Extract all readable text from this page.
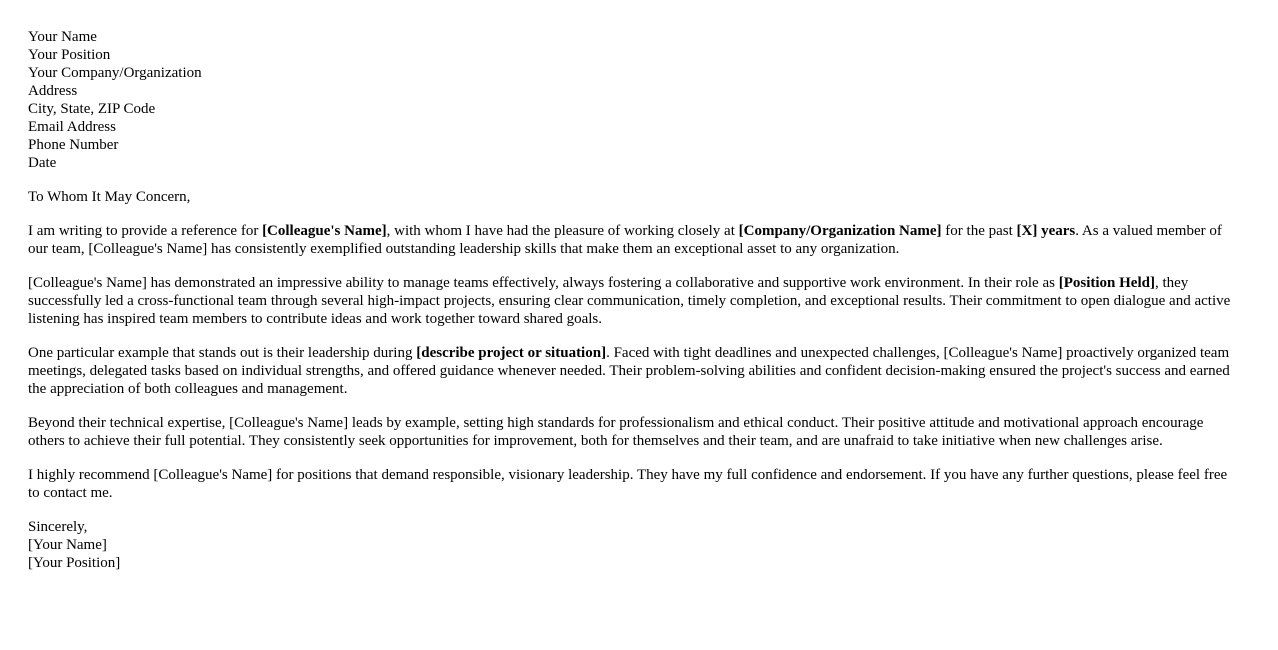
Your Name
Your Position
Your Company/Organization
Address
City, State, ZIP Code
Email Address
Phone Number
Date

To Whom It May Concern,

I am writing to provide a reference for [Colleague's Name], with whom I have had the pleasure of working closely at [Company/Organization Name] for the past [X] years. As a valued member of our team, [Colleague's Name] has consistently exemplified outstanding leadership skills that make them an exceptional asset to any organization.

[Colleague's Name] has demonstrated an impressive ability to manage teams effectively, always fostering a collaborative and supportive work environment. In their role as [Position Held], they successfully led a cross-functional team through several high-impact projects, ensuring clear communication, timely completion, and exceptional results. Their commitment to open dialogue and active listening has inspired team members to contribute ideas and work together toward shared goals.

One particular example that stands out is their leadership during [describe project or situation]. Faced with tight deadlines and unexpected challenges, [Colleague's Name] proactively organized team meetings, delegated tasks based on individual strengths, and offered guidance whenever needed. Their problem-solving abilities and confident decision-making ensured the project's success and earned the appreciation of both colleagues and management.

Beyond their technical expertise, [Colleague's Name] leads by example, setting high standards for professionalism and ethical conduct. Their positive attitude and motivational approach encourage others to achieve their full potential. They consistently seek opportunities for improvement, both for themselves and their team, and are unafraid to take initiative when new challenges arise.

I highly recommend [Colleague's Name] for positions that demand responsible, visionary leadership. They have my full confidence and endorsement. If you have any further questions, please feel free to contact me.

Sincerely,
[Your Name]
[Your Position]
